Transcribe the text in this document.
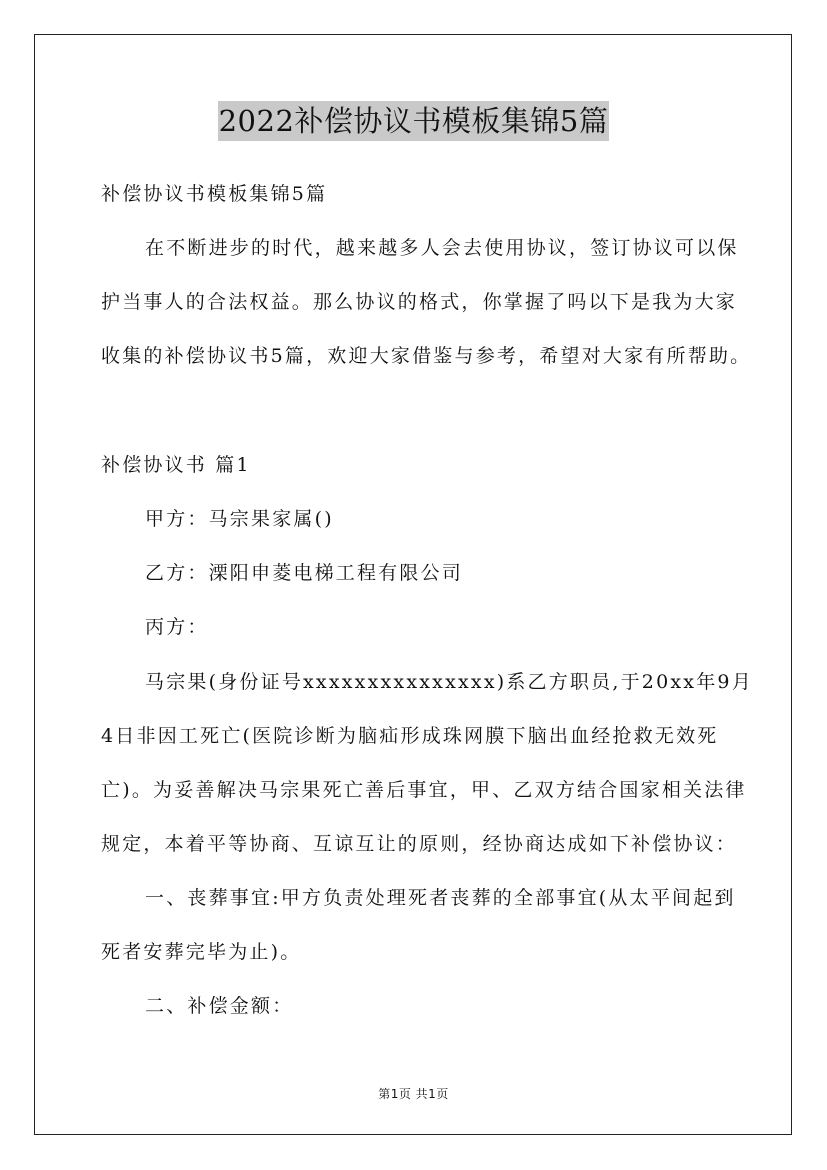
2022补偿协议书模板集锦5篇
补偿协议书模板集锦5篇
在不断进步的时代，越来越多人会去使用协议，签订协议可以保
护当事人的合法权益。那么协议的格式，你掌握了吗以下是我为大家
收集的补偿协议书5篇，欢迎大家借鉴与参考，希望对大家有所帮助。
补偿协议书 篇1
甲方：马宗果家属()
乙方：溧阳申菱电梯工程有限公司
丙方：
马宗果(身份证号xxxxxxxxxxxxxxx)系乙方职员,于20xx年9月
4日非因工死亡(医院诊断为脑疝形成珠网膜下脑出血经抢救无效死
亡)。为妥善解决马宗果死亡善后事宜，甲、乙双方结合国家相关法律
规定，本着平等协商、互谅互让的原则，经协商达成如下补偿协议：
一、丧葬事宜:甲方负责处理死者丧葬的全部事宜(从太平间起到
死者安葬完毕为止)。
二、补偿金额：
第1页 共1页
